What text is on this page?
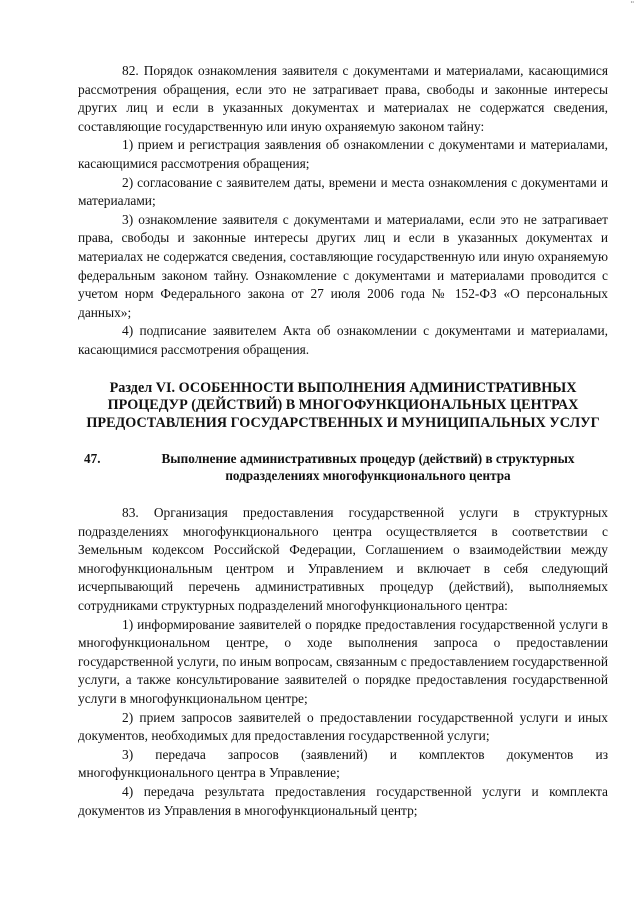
¨

82. Порядок ознакомления заявителя с документами и материалами, касающимися рассмотрения обращения, если это не затрагивает права, свободы и законные интересы других лиц и если в указанных документах и материалах не содержатся сведения, составляющие государственную или иную охраняемую законом тайну:

1) прием и регистрация заявления об ознакомлении с документами и материалами, касающимися рассмотрения обращения;

2) согласование с заявителем даты, времени и места ознакомления с документами и материалами;

3) ознакомление заявителя с документами и материалами, если это не затрагивает права, свободы и законные интересы других лиц и если в указанных документах и материалах не содержатся сведения, составляющие государственную или иную охраняемую федеральным законом тайну. Ознакомление с документами и материалами проводится с учетом норм Федерального закона от 27 июля 2006 года № 152-ФЗ «О персональных данных»;

4) подписание заявителем Акта об ознакомлении с документами и материалами, касающимися рассмотрения обращения.

Раздел VI. ОСОБЕННОСТИ ВЫПОЛНЕНИЯ АДМИНИСТРАТИВНЫХ ПРОЦЕДУР (ДЕЙСТВИЙ) В МНОГОФУНКЦИОНАЛЬНЫХ ЦЕНТРАХ ПРЕДОСТАВЛЕНИЯ ГОСУДАРСТВЕННЫХ И МУНИЦИПАЛЬНЫХ УСЛУГ
47.	Выполнение административных процедур (действий) в структурных подразделениях многофункционального центра

83. Организация предоставления государственной услуги в структурных подразделениях многофункционального центра осуществляется в соответствии с Земельным кодексом Российской Федерации, Соглашением о взаимодействии между многофункциональным центром и Управлением и включает в себя следующий исчерпывающий перечень административных процедур (действий), выполняемых сотрудниками структурных подразделений многофункционального центра:

1) информирование заявителей о порядке предоставления государственной услуги в многофункциональном центре, о ходе выполнения запроса о предоставлении государственной услуги, по иным вопросам, связанным с предоставлением государственной услуги, а также консультирование заявителей о порядке предоставления государственной услуги в многофункциональном центре;

2) прием запросов заявителей о предоставлении государственной услуги и иных документов, необходимых для предоставления государственной услуги;

3) передача запросов (заявлений) и комплектов документов из многофункционального центра в Управление;

4) передача результата предоставления государственной услуги и комплекта документов из Управления в многофункциональный центр;
